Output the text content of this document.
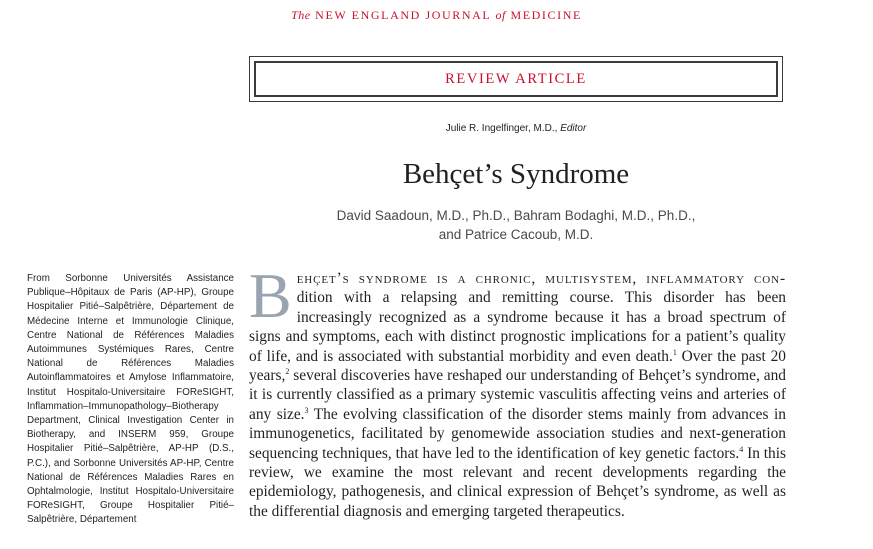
The NEW ENGLAND JOURNAL of MEDICINE
REVIEW ARTICLE
Julie R. Ingelfinger, M.D., Editor
Behçet’s Syndrome
David Saadoun, M.D., Ph.D., Bahram Bodaghi, M.D., Ph.D.,
and Patrice Cacoub, M.D.
From Sorbonne Universités Assistance Publique–Hôpitaux de Paris (AP-HP), Groupe Hospitalier Pitié–Salpêtrière, Département de Médecine Interne et Immunologie Clinique, Centre National de Références Maladies Autoimmunes Systémiques Rares, Centre National de Références Maladies Autoinflammatoires et Amylose Inflammatoire, Institut Hospitalo-Universitaire FOReSIGHT, Inflammation–Immunopathology–Biotherapy Department, Clinical Investigation Center in Biotherapy, and INSERM 959, Groupe Hospitalier Pitié–Salpêtrière, AP-HP (D.S., P.C.), and Sorbonne Universités AP-HP, Centre National de Références Maladies Rares en Ophtalmologie, Institut Hospitalo-Universitaire FOReSIGHT, Groupe Hospitalier Pitié–Salpêtrière, Département
Behçet’s syndrome is a chronic, multisystem, inflammatory con- dition with a relapsing and remitting course. This disorder has been increasingly recognized as a syndrome because it has a broad spectrum of signs and symptoms, each with distinct prognostic implications for a patient’s quality of life, and is associated with substantial morbidity and even death.$^1$ Over the past 20 years,$^2$ several discoveries have reshaped our understanding of Behçet’s syndrome, and it is currently classified as a primary systemic vasculitis affecting veins and arteries of any size.$^3$ The evolving classification of the disorder stems mainly from advances in immunogenetics, facilitated by genomewide association studies and next-generation sequencing techniques, that have led to the identification of key genetic factors.$^4$ In this review, we examine the most relevant and recent developments regarding the epidemiology, pathogenesis, and clinical expression of Behçet’s syndrome, as well as the differential diagnosis and emerging targeted therapeutics.
